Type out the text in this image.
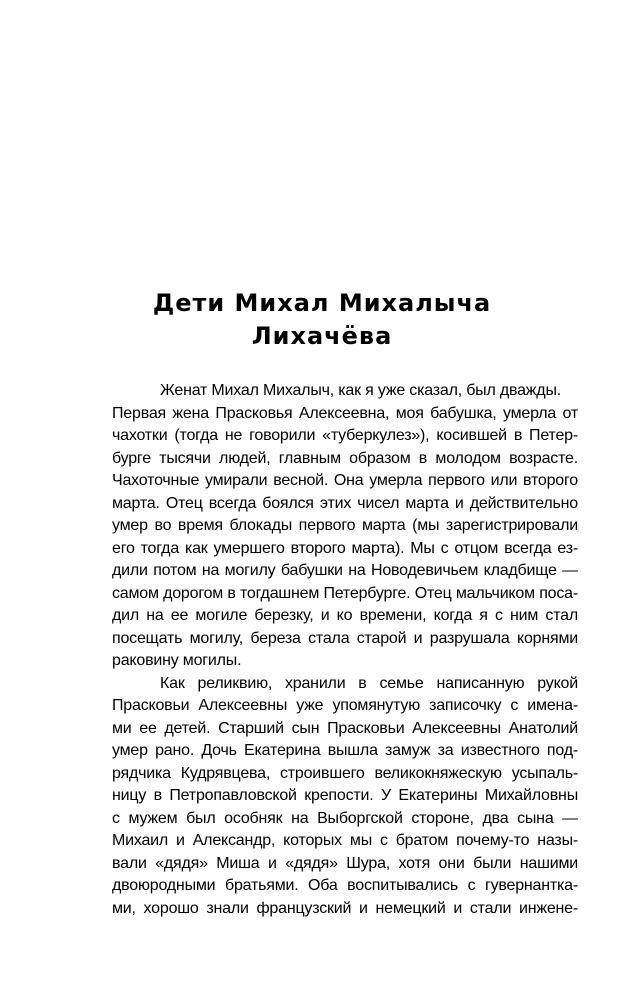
Дети Михал Михалыча
Лихачёва
Женат Михал Михалыч, как я уже сказал, был дважды.
Первая жена Прасковья Алексеевна, моя бабушка, умерла от
чахотки (тогда не говорили «туберкулез»), косившей в Петер-
бурге тысячи людей, главным образом в молодом возрасте.
Чахоточные умирали весной. Она умерла первого или второго
марта. Отец всегда боялся этих чисел марта и действительно
умер во время блокады первого марта (мы зарегистрировали
его тогда как умершего второго марта). Мы с отцом всегда ез-
дили потом на могилу бабушки на Новодевичьем кладбище —
самом дорогом в тогдашнем Петербурге. Отец мальчиком посa-
дил на ее могиле березку, и ко времени, когда я с ним стал
посещать могилу, береза стала старой и разрушала корнями
раковину могилы.
Как реликвию, хранили в семье написанную рукой
Прасковьи Алексеевны уже упомянутую записочку с имена-
ми ее детей. Старший сын Прасковьи Алексеевны Анатолий
умер рано. Дочь Екатерина вышла замуж за известного под-
рядчика Кудрявцева, строившего великокняжескую усыпаль-
ницу в Петропавловской крепости. У Екатерины Михайловны
с мужем был особняк на Выборгской стороне, два сына —
Михаил и Александр, которых мы с братом почему-то назы-
вали «дядя» Миша и «дядя» Шура, хотя они были нашими
двоюродными братьями. Оба воспитывались с гувернантка-
ми, хорошо знали французский и немецкий и стали инжене-
